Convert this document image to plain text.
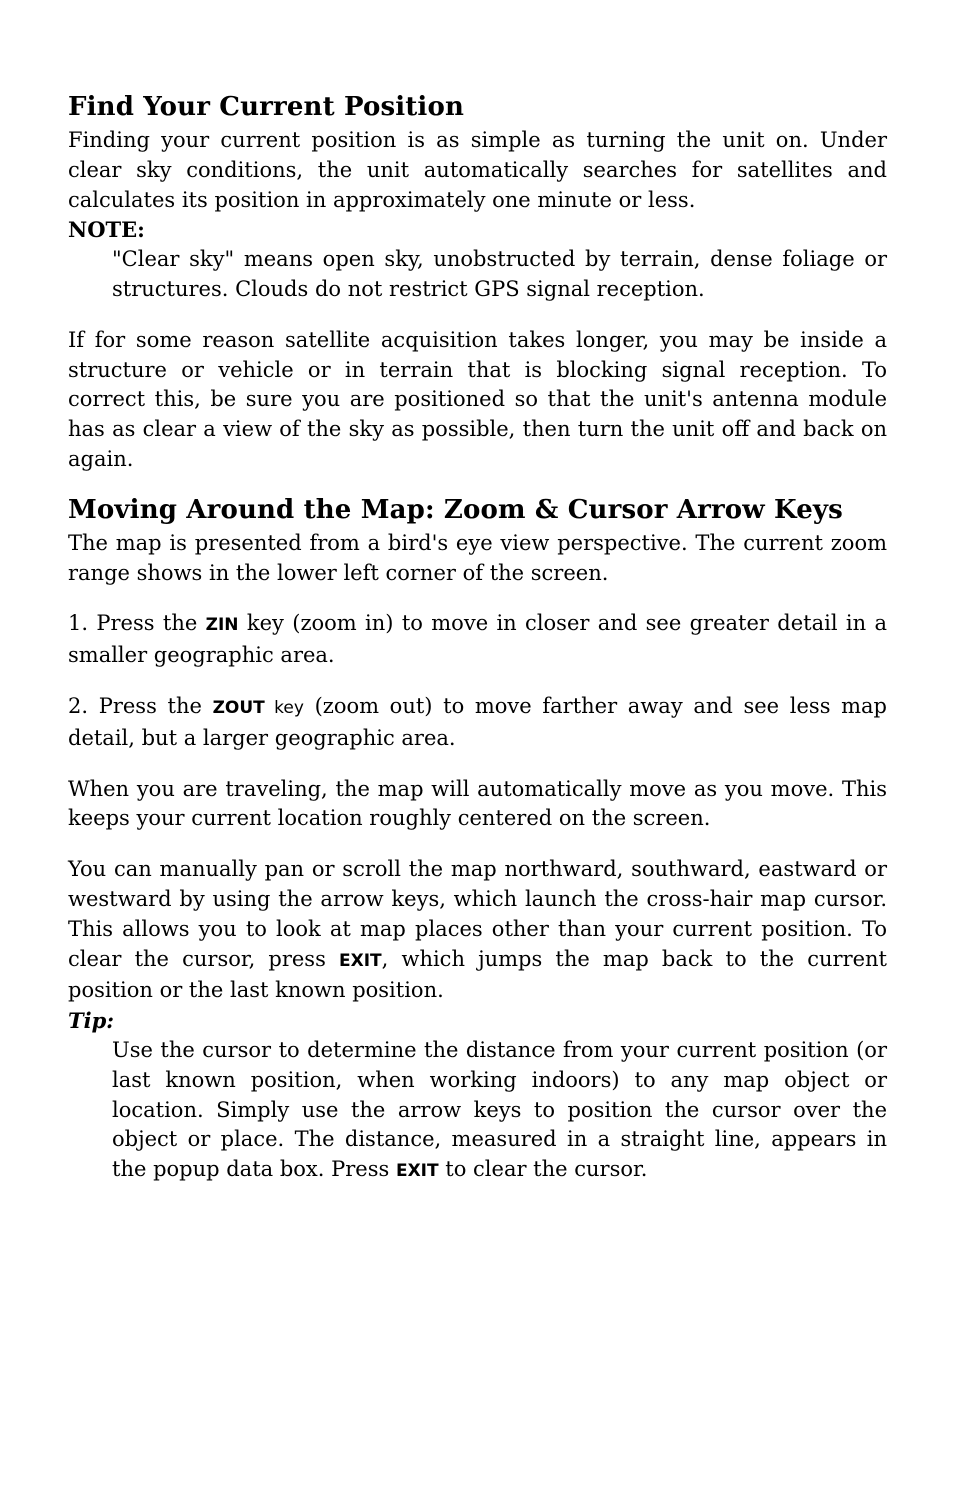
Find Your Current Position

Finding your current position is as simple as turning the unit on. Under clear sky conditions, the unit automatically searches for satellites and calculates its position in approximately one minute or less.

NOTE:

"Clear sky" means open sky, unobstructed by terrain, dense foliage or structures. Clouds do not restrict GPS signal reception.

If for some reason satellite acquisition takes longer, you may be inside a structure or vehicle or in terrain that is blocking signal reception. To correct this, be sure you are positioned so that the unit's antenna module has as clear a view of the sky as possible, then turn the unit off and back on again.

Moving Around the Map: Zoom & Cursor Arrow Keys

The map is presented from a bird's eye view perspective. The current zoom range shows in the lower left corner of the screen.

1. Press the ZIN key (zoom in) to move in closer and see greater detail in a smaller geographic area.

2. Press the ZOUT key (zoom out) to move farther away and see less map detail, but a larger geographic area.

When you are traveling, the map will automatically move as you move. This keeps your current location roughly centered on the screen.

You can manually pan or scroll the map northward, southward, eastward or westward by using the arrow keys, which launch the cross-hair map cursor. This allows you to look at map places other than your current position. To clear the cursor, press EXIT, which jumps the map back to the current position or the last known position.

Tip:

Use the cursor to determine the distance from your current position (or last known position, when working indoors) to any map object or location. Simply use the arrow keys to position the cursor over the object or place. The distance, measured in a straight line, appears in the popup data box. Press EXIT to clear the cursor.
